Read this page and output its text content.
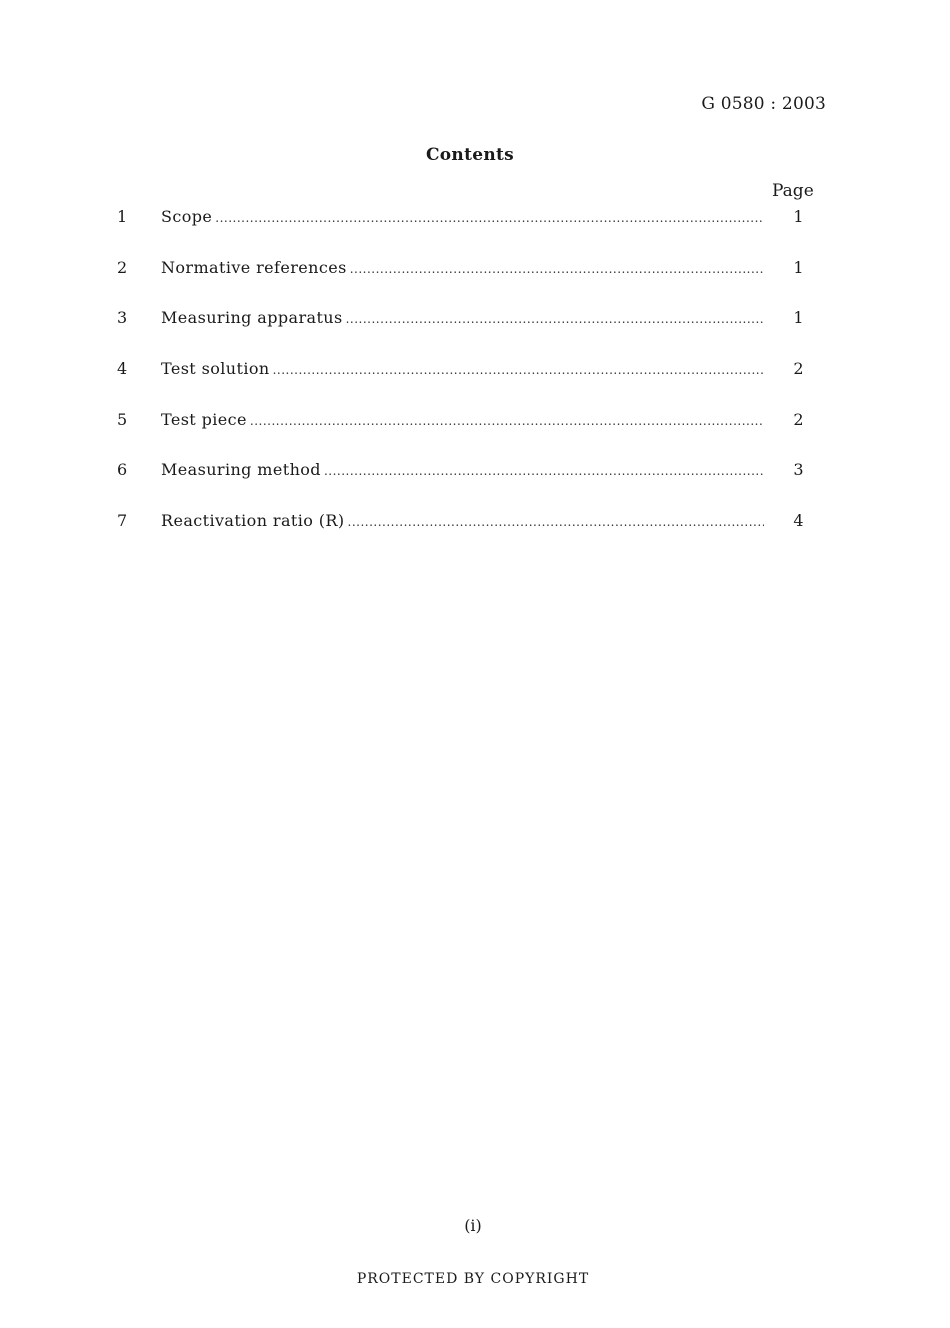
G 0580 : 2003
Contents
Page
1	Scope .....	1
2	Normative references .....	1
3	Measuring apparatus .....	1
4	Test solution .....	2
5	Test piece .....	2
6	Measuring method .....	3
7	Reactivation ratio (R) .....	4
(i)
PROTECTED BY COPYRIGHT
